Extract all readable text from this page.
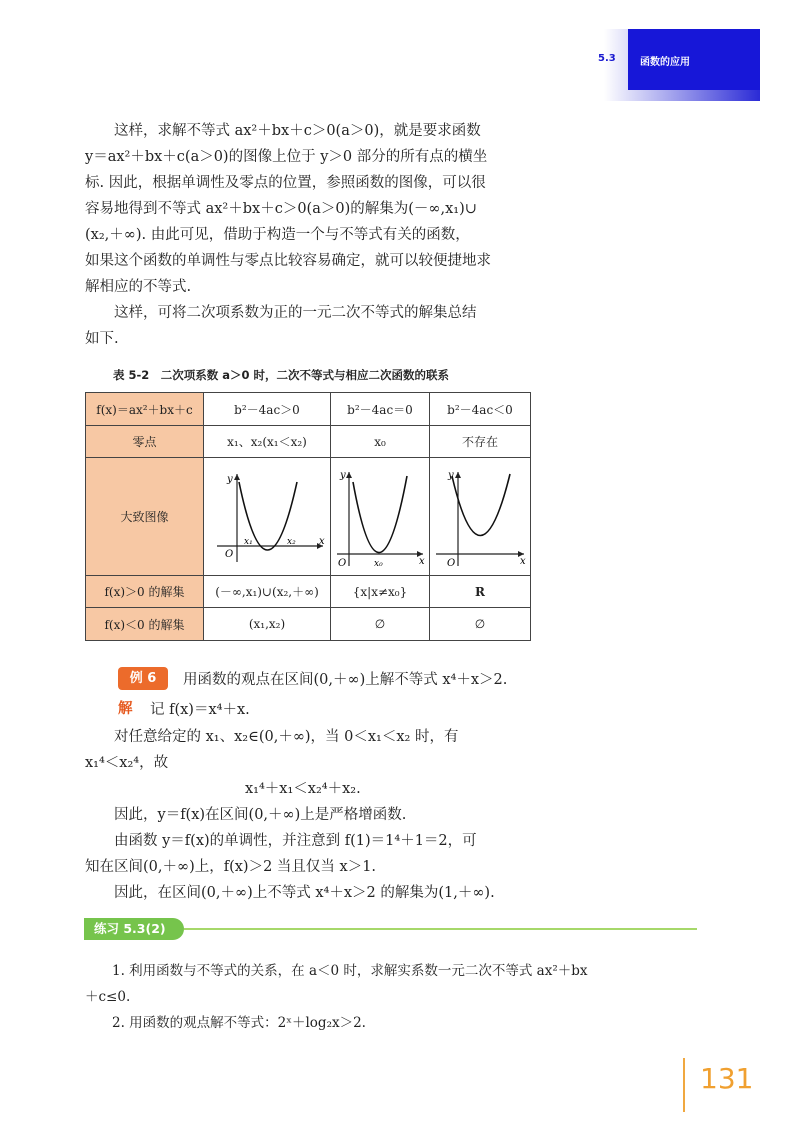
5.3 函数的应用
　　这样，求解不等式 ax²＋bx＋c＞0(a＞0)，就是要求函数
y＝ax²＋bx＋c(a＞0)的图像上位于 y＞0 部分的所有点的横坐
标. 因此，根据单调性及零点的位置，参照函数的图像，可以很
容易地得到不等式 ax²＋bx＋c＞0(a＞0)的解集为(－∞,x₁)∪
(x₂,＋∞). 由此可见，借助于构造一个与不等式有关的函数，
如果这个函数的单调性与零点比较容易确定，就可以较便捷地求
解相应的不等式.
　　这样，可将二次项系数为正的一元二次不等式的解集总结
如下.
表 5-2　二次项系数 a＞0 时，二次不等式与相应二次函数的联系
f(x)＝ax²＋bx＋c	b²－4ac＞0	b²－4ac＝0	b²－4ac＜0
零点	x₁、x₂(x₁＜x₂)	x₀	不存在
大致图像	y
x
O
x₁ x₂	y
x
O x₀	y
x
O

f(x)＞0 的解集	(－∞,x₁)∪(x₂,＋∞)	{x|x≠x₀}	R
f(x)＜0 的解集	(x₁,x₂)	∅	∅
例 6	用函数的观点在区间(0,＋∞)上解不等式 x⁴＋x＞2.
解 记 f(x)＝x⁴＋x.
　　对任意给定的 x₁、x₂∈(0,＋∞)，当 0＜x₁＜x₂ 时，有
x₁⁴＜x₂⁴，故
x₁⁴＋x₁＜x₂⁴＋x₂.
　　因此，y＝f(x)在区间(0,＋∞)上是严格增函数.
　　由函数 y＝f(x)的单调性，并注意到 f(1)＝1⁴＋1＝2，可
知在区间(0,＋∞)上，f(x)＞2 当且仅当 x＞1.
　　因此，在区间(0,＋∞)上不等式 x⁴＋x＞2 的解集为(1,＋∞).
练习 5.3(2)
　　1. 利用函数与不等式的关系，在 a＜0 时，求解实系数一元二次不等式 ax²＋bx
＋c≤0.
　　2. 用函数的观点解不等式：2ˣ＋log₂x＞2.
131
